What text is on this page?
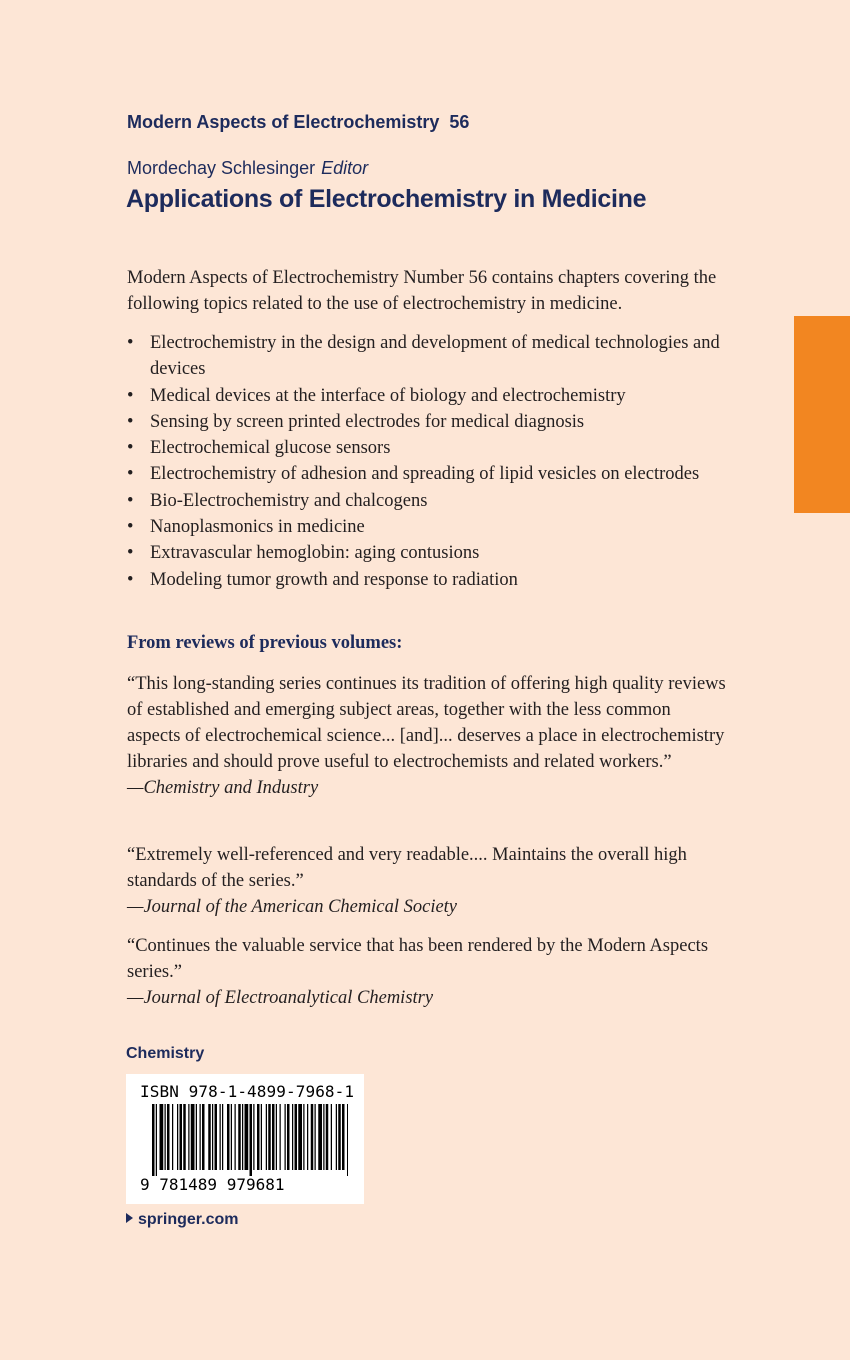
Modern Aspects of Electrochemistry 56
Mordechay Schlesinger Editor
Applications of Electrochemistry in Medicine
Modern Aspects of Electrochemistry Number 56 contains chapters covering the following topics related to the use of electrochemistry in medicine.
• Electrochemistry in the design and development of medical technologies and devices
• Medical devices at the interface of biology and electrochemistry
• Sensing by screen printed electrodes for medical diagnosis
• Electrochemical glucose sensors
• Electrochemistry of adhesion and spreading of lipid vesicles on electrodes
• Bio-Electrochemistry and chalcogens
• Nanoplasmonics in medicine
• Extravascular hemoglobin: aging contusions
• Modeling tumor growth and response to radiation
From reviews of previous volumes:
“This long-standing series continues its tradition of offering high quality reviews of established and emerging subject areas, together with the less common aspects of electrochemical science... [and]... deserves a place in electrochemistry libraries and should prove useful to electrochemists and related workers.”
—Chemistry and Industry
“Extremely well-referenced and very readable.... Maintains the overall high standards of the series.”
—Journal of the American Chemical Society
“Continues the valuable service that has been rendered by the Modern Aspects series.”
—Journal of Electroanalytical Chemistry
Chemistry
ISBN 978-1-4899-7968-1
9 781489 979681
springer.com
